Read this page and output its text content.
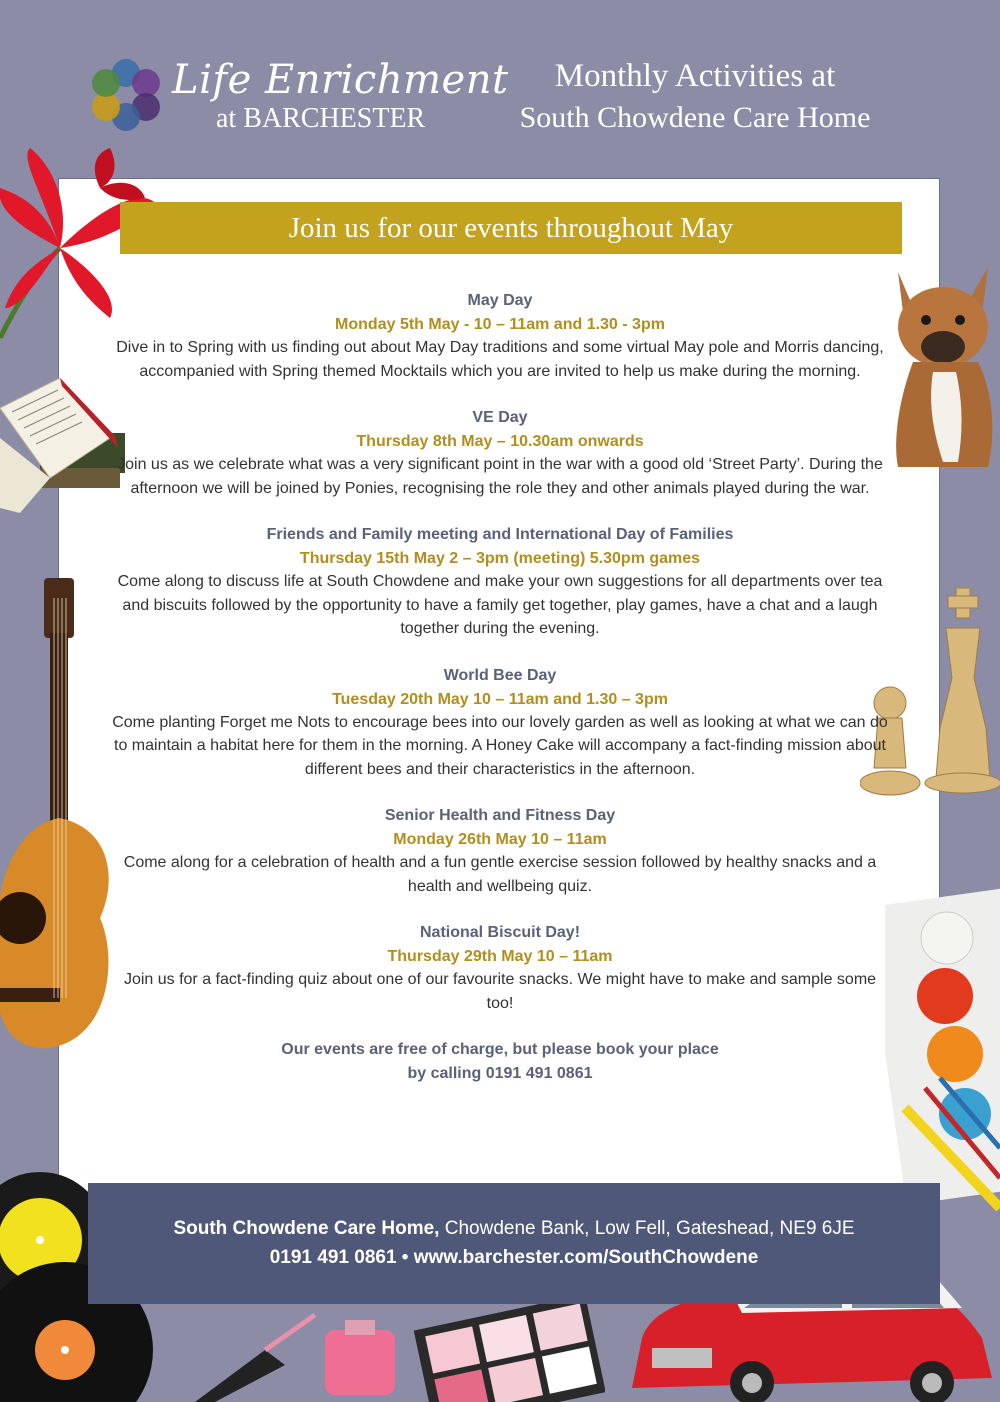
Life Enrichment
at BARCHESTER
Monthly Activities at
South Chowdene Care Home
Join us for our events throughout May
May Day
Monday 5th May - 10 – 11am and 1.30 - 3pm
Dive in to Spring with us finding out about May Day traditions and some virtual May pole and Morris dancing, accompanied with Spring themed Mocktails which you are invited to help us make during the morning.
VE Day
Thursday 8th May – 10.30am onwards
Join us as we celebrate what was a very significant point in the war with a good old ‘Street Party’. During the afternoon we will be joined by Ponies, recognising the role they and other animals played during the war.
Friends and Family meeting and International Day of Families
Thursday 15th May 2 – 3pm (meeting) 5.30pm games
Come along to discuss life at South Chowdene and make your own suggestions for all departments over tea and biscuits followed by the opportunity to have a family get together, play games, have a chat and a laugh together during the evening.
World Bee Day
Tuesday 20th May 10 – 11am and 1.30 – 3pm
Come planting Forget me Nots to encourage bees into our lovely garden as well as looking at what we can do to maintain a habitat here for them in the morning. A Honey Cake will accompany a fact-finding mission about different bees and their characteristics in the afternoon.
Senior Health and Fitness Day
Monday 26th May 10 – 11am
Come along for a celebration of health and a fun gentle exercise session followed by healthy snacks and a health and wellbeing quiz.
National Biscuit Day!
Thursday 29th May 10 – 11am
Join us for a fact-finding quiz about one of our favourite snacks. We might have to make and sample some too!
Our events are free of charge, but please book your place
by calling 0191 491 0861
South Chowdene Care Home, Chowdene Bank, Low Fell, Gateshead, NE9 6JE
0191 491 0861 • www.barchester.com/SouthChowdene
